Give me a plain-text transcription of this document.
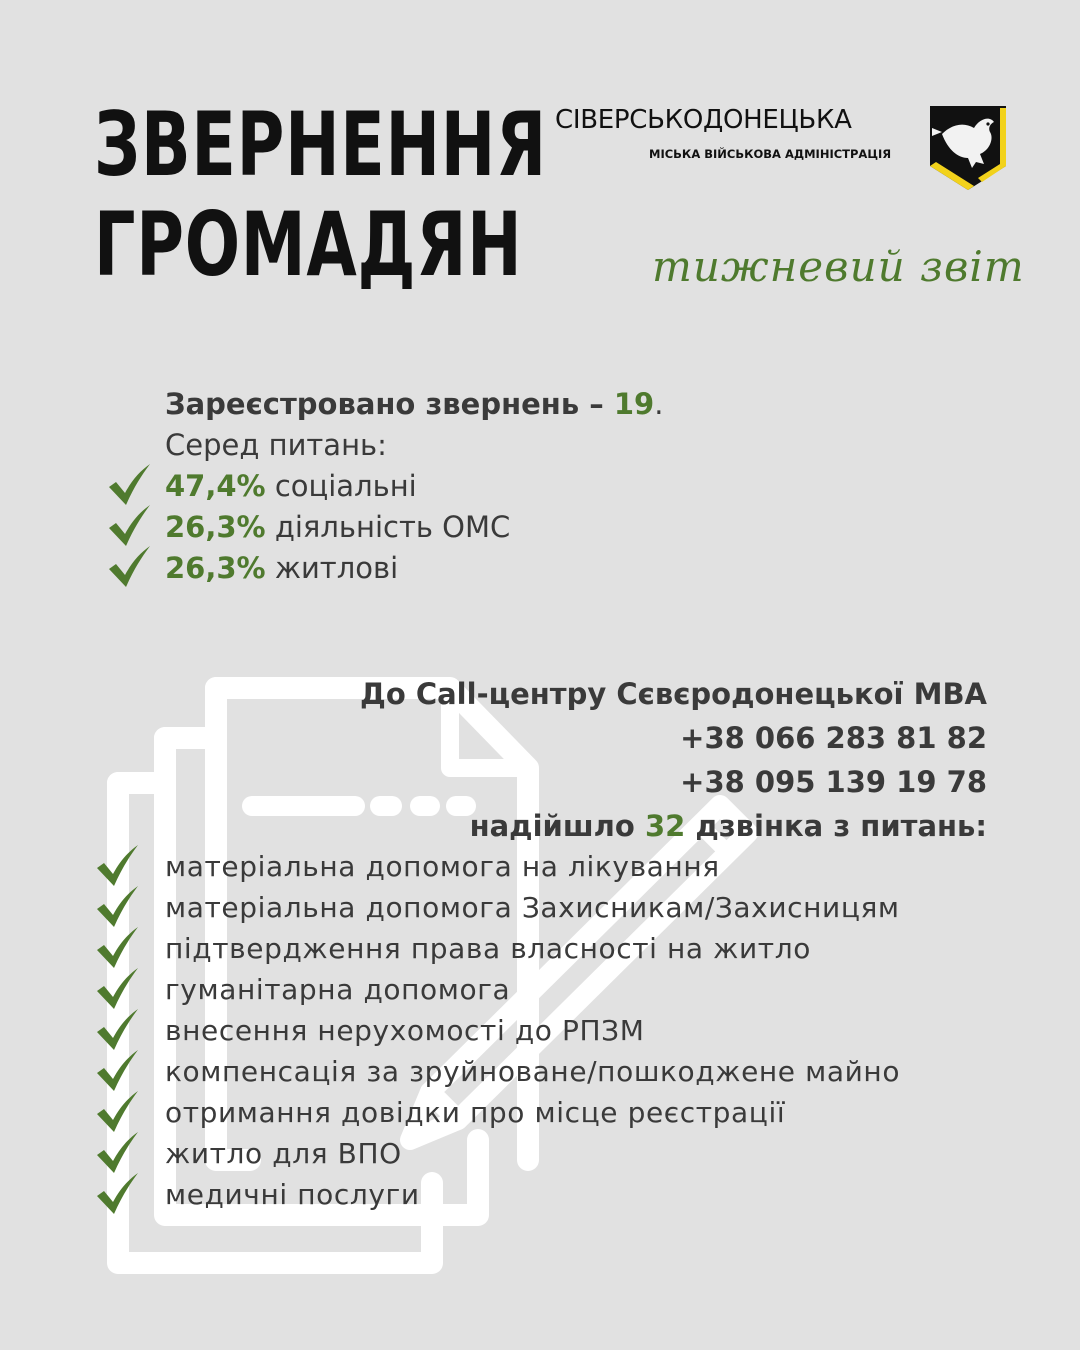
ЗВЕРНЕННЯ
ГРОМАДЯН
СІВЕРСЬКОДОНЕЦЬКА
МІСЬКА ВІЙСЬКОВА АДМІНІСТРАЦІЯ
тижневий звіт
Зареєстровано звернень – 19.
Серед питань:
47,4% соціальні
26,3% діяльність ОМС
26,3% житлові
До Call-центру Сєвєродонецької МВА
+38 066 283 81 82
+38 095 139 19 78
надійшло 32 дзвінка з питань:
матеріальна допомога на лікування
матеріальна допомога Захисникам/Захисницям
підтвердження права власності на житло
гуманітарна допомога
внесення нерухомості до РПЗМ
компенсація за зруйноване/пошкоджене майно
отримання довідки про місце реєстрації
житло для ВПО
медичні послуги
